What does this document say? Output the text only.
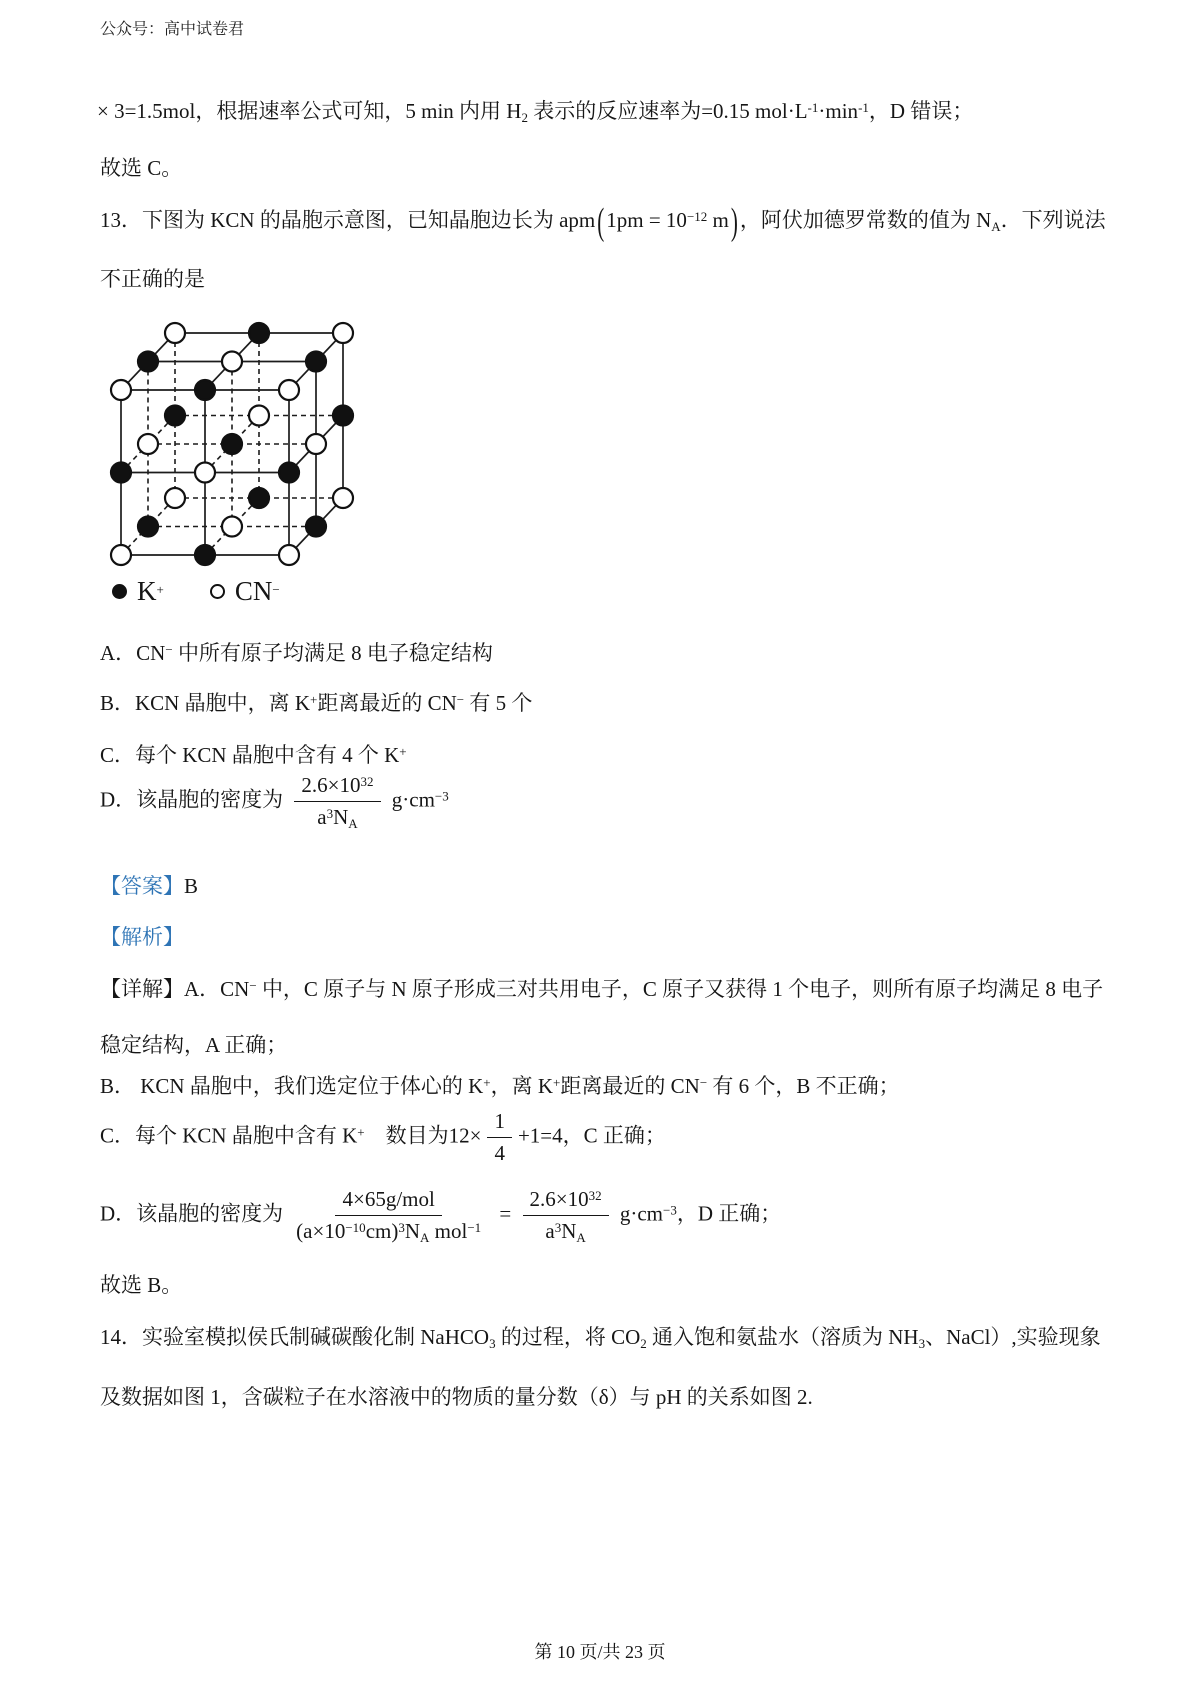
公众号：高中试卷君

× 3=1.5mol，根据速率公式可知，5 min 内用 $H_2$ 表示的反应速率为=0.15 $mol\cdot L^{-1}\cdot\min^{-1}$，D 错误；

故选 C。

13．下图为 KCN 的晶胞示意图，已知晶胞边长为 $apm(1pm = 10^{-12}$ m)，阿伏加德罗常数的值为 $N_A$．下列说法不正确的是

K+	CN−

A．CN− 中所有原子均满足 8 电子稳定结构

B．KCN 晶胞中，离 K+距离最近的 CN− 有 5 个

C．每个 KCN 晶胞中含有 4 个 K+

D．该晶胞的密度为 $\frac{2.6\times 10^{32}}{a^3N_A} g\cdot cm^{-3}$

【答案】B

【解析】

【详解】A．CN− 中，C 原子与 N 原子形成三对共用电子，C 原子又获得 1 个电子，则所有原子均满足 8 电子稳定结构，A 正确；

B． KCN 晶胞中，我们选定位于体心的 K+，离 K+距离最近的 CN− 有 6 个，B 不正确；

C．每个 KCN 晶胞中含有 K+　数目为$12\times \frac{1}{4} +1=4$，C 正确；

D．该晶胞的密度为 $\frac{\text{4×65g/mol}}{(a\times 10^{-10}cm)^3N_A mol^{-1}} = \frac{2.6\times 10^{32}}{a^3N_A} g\cdot cm^{-3}$，D 正确；

故选 B。

14．实验室模拟侯氏制碱碳酸化制 NaHCO$_3$ 的过程，将 $CO_2$ 通入饱和氨盐水（溶质为 $NH_3$、NaCl）,实验现象及数据如图 1，含碳粒子在水溶液中的物质的量分数（δ）与 pH 的关系如图 2.

第 10 页/共 23 页
